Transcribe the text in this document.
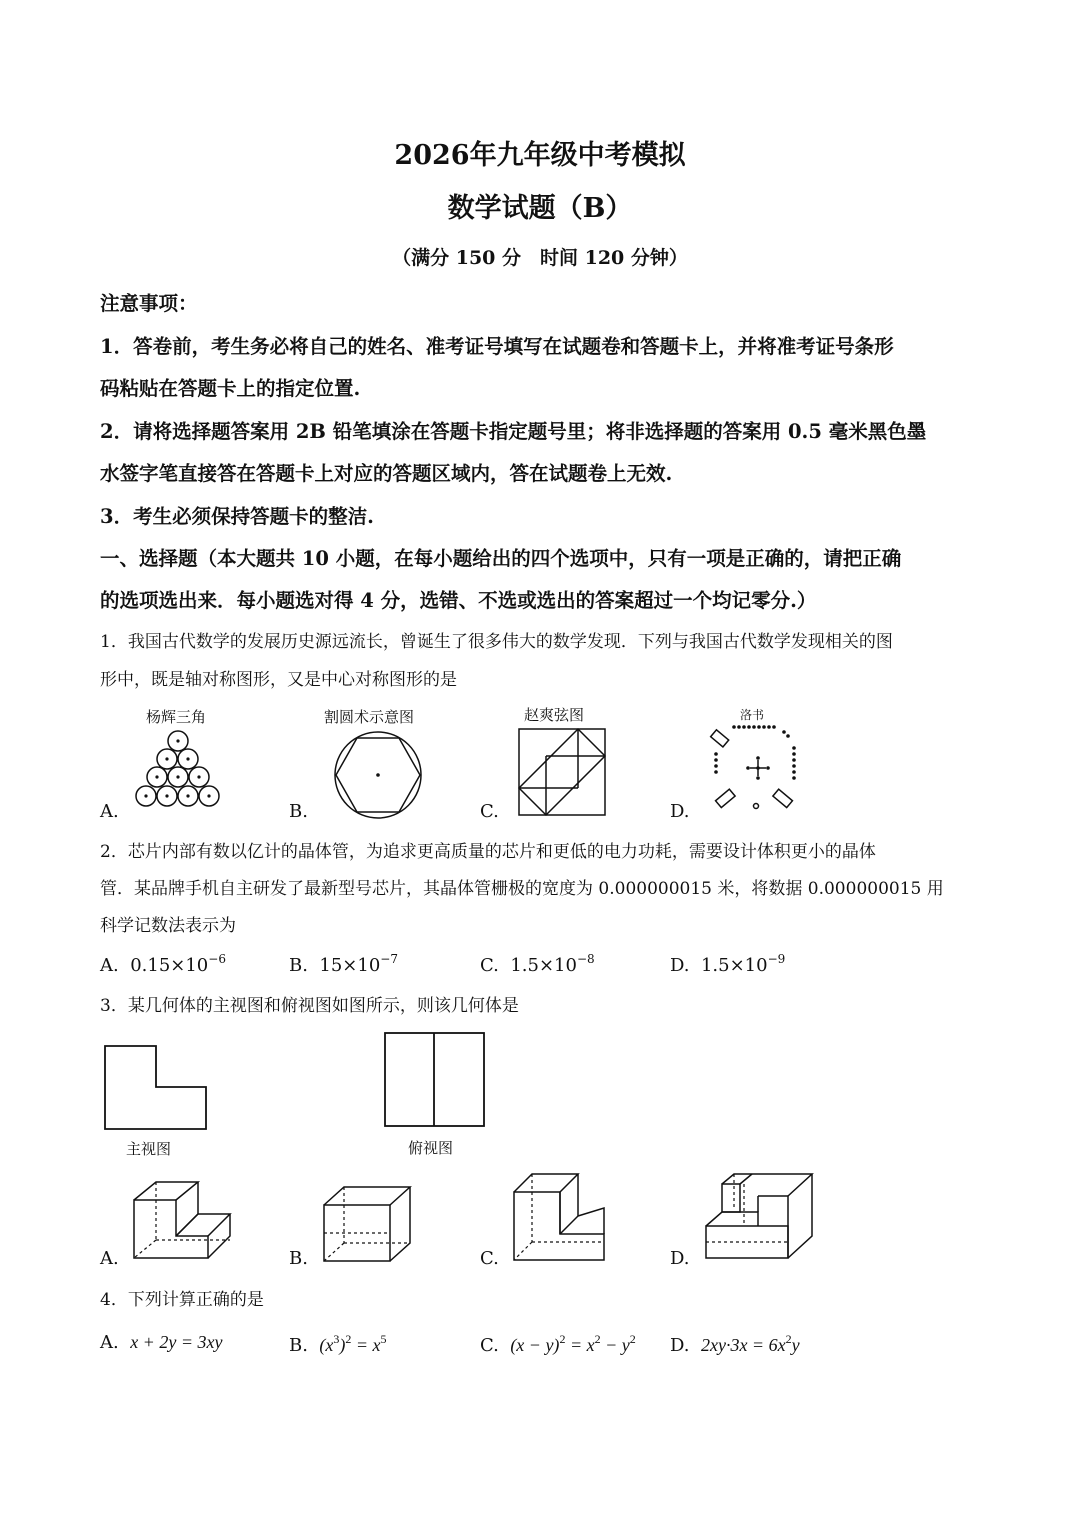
2026年九年级中考模拟
数学试题（B）
（满分 150 分　时间 120 分钟）
注意事项：
1．答卷前，考生务必将自己的姓名、准考证号填写在试题卷和答题卡上，并将准考证号条形
码粘贴在答题卡上的指定位置.
2．请将选择题答案用 2B 铅笔填涂在答题卡指定题号里；将非选择题的答案用 0.5 毫米黑色墨
水签字笔直接答在答题卡上对应的答题区域内，答在试题卷上无效.
3．考生必须保持答题卡的整洁.
一、选择题（本大题共 10 小题，在每小题给出的四个选项中，只有一项是正确的，请把正确
的选项选出来．每小题选对得 4 分，选错、不选或选出的答案超过一个均记零分.）
1．我国古代数学的发展历史源远流长，曾诞生了很多伟大的数学发现．下列与我国古代数学发现相关的图
形中，既是轴对称图形，又是中心对称图形的是
杨辉三角	割圆术示意图	赵爽弦图	洛书
A.	B.	C.	D.
2．芯片内部有数以亿计的晶体管，为追求更高质量的芯片和更低的电力功耗，需要设计体积更小的晶体
管．某品牌手机自主研发了最新型号芯片，其晶体管栅极的宽度为 0.000000015 米，将数据 0.000000015 用
科学记数法表示为
A. $0.15\times 10^{-6}$	B. $15\times 10^{-7}$	C. $1.5\times 10^{-8}$	D. $1.5\times 10^{-9}$
3．某几何体的主视图和俯视图如图所示，则该几何体是
主视图	俯视图
A.	B.	C.	D.
4．下列计算正确的是
A. x + 2y = 3xy	B. $(x^3)^2 = x^5$	C. $(x - y)^2 = x^2 - y^2$ D. $2xy\cdot 3x = 6x^2y$
